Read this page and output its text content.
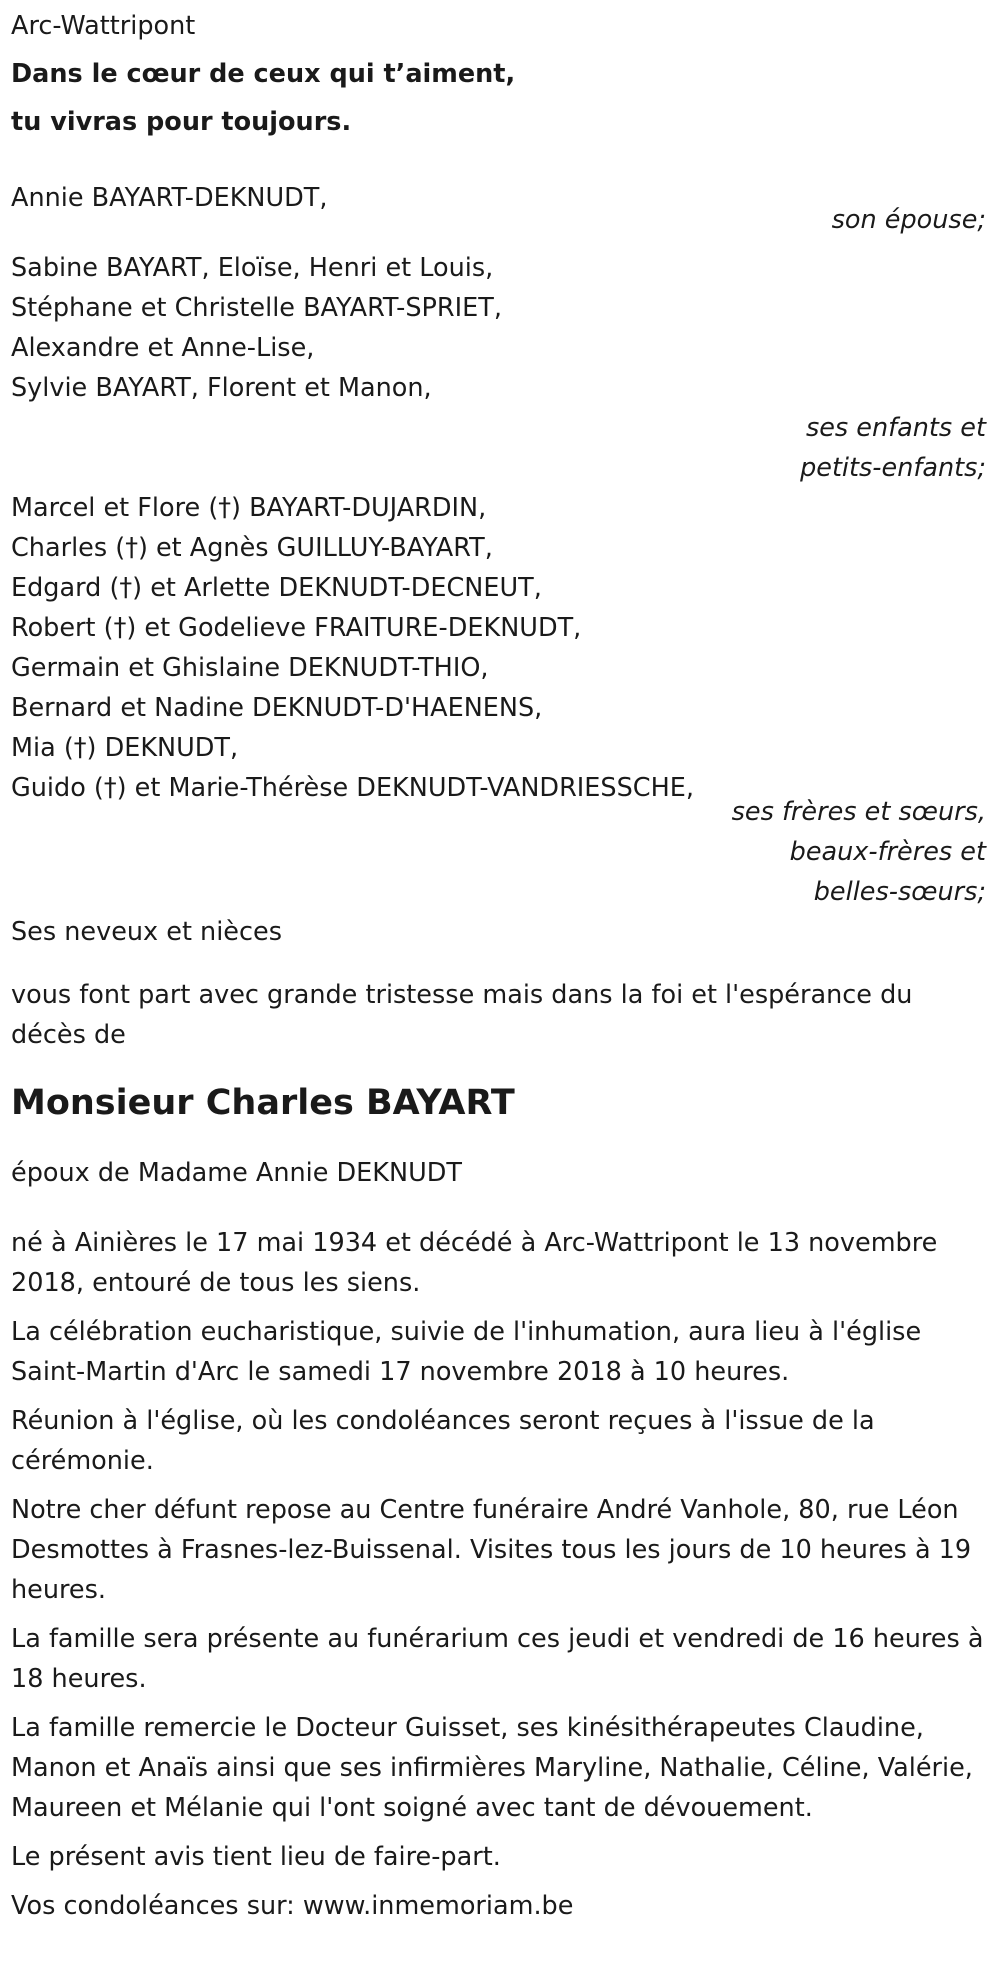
Arc-Wattripont
Dans le cœur de ceux qui t’aiment,
tu vivras pour toujours.
Annie BAYART-DEKNUDT,
son épouse;
Sabine BAYART, Eloïse, Henri et Louis,
Stéphane et Christelle BAYART-SPRIET,
Alexandre et Anne-Lise,
Sylvie BAYART, Florent et Manon,
ses enfants et
petits-enfants;
Marcel et Flore (†) BAYART-DUJARDIN,
Charles (†) et Agnès GUILLUY-BAYART,
Edgard (†) et Arlette DEKNUDT-DECNEUT,
Robert (†) et Godelieve FRAITURE-DEKNUDT,
Germain et Ghislaine DEKNUDT-THIO,
Bernard et Nadine DEKNUDT-D'HAENENS,
Mia (†) DEKNUDT,
Guido (†) et Marie-Thérèse DEKNUDT-VANDRIESSCHE,
ses frères et sœurs,
beaux-frères et
belles-sœurs;
Ses neveux et nièces
vous font part avec grande tristesse mais dans la foi et l'espérance du décès de
Monsieur Charles BAYART
époux de Madame Annie DEKNUDT
né à Ainières le 17 mai 1934 et décédé à Arc-Wattripont le 13 novembre 2018, entouré de tous les siens.
La célébration eucharistique, suivie de l'inhumation, aura lieu à l'église Saint-Martin d'Arc le samedi 17 novembre 2018 à 10 heures.
Réunion à l'église, où les condoléances seront reçues à l'issue de la cérémonie.
Notre cher défunt repose au Centre funéraire André Vanhole, 80, rue Léon Desmottes à Frasnes-lez-Buissenal. Visites tous les jours de 10 heures à 19 heures.
La famille sera présente au funérarium ces jeudi et vendredi de 16 heures à 18 heures.
La famille remercie le Docteur Guisset, ses kinésithérapeutes Claudine, Manon et Anaïs ainsi que ses infirmières Maryline, Nathalie, Céline, Valérie, Maureen et Mélanie qui l'ont soigné avec tant de dévouement.
Le présent avis tient lieu de faire-part.
Vos condoléances sur: www.inmemoriam.be
